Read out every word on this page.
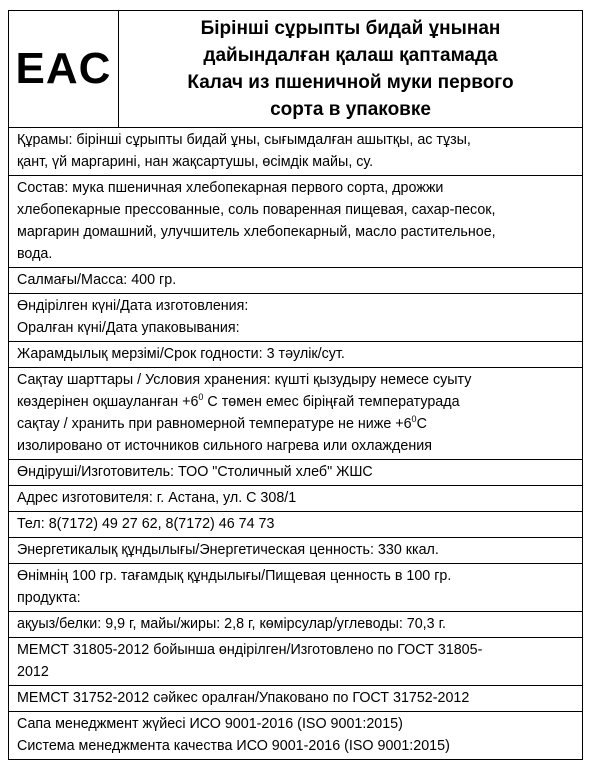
EAC	
Бірінші сұрыпты бидай ұнынан
дайындалған қалаш қаптамада
Калач из пшеничной муки первого
сорта в упаковке

Құрамы: бірінші сұрыпты бидай ұны, сығымдалған ашытқы, ас тұзы,
қант, үй маргарині, нан жақсартушы, өсімдік майы, су.

Состав: мука пшеничная хлебопекарная первого сорта, дрожжи
хлебопекарные прессованные, соль поваренная пищевая, сахар-песок,
маргарин домашний, улучшитель хлебопекарный, масло растительное,
вода.

Салмағы/Масса: 400 гр.

Өндірілген күні/Дата изготовления:
Оралған күні/Дата упаковывания:

Жарамдылық мерзімі/Срок годности: 3 тәулік/сут.

Сақтау шарттары / Условия хранения: күшті қызудыру немесе суыту
көздерінен оқшауланған $+6^0$ С төмен емес біріңғай температурада
сақтау / хранить при равномерной температуре не ниже $+6^0С$
изолировано от источников сильного нагрева или охлаждения

Өндіруші/Изготовитель: ТОО "Столичный хлеб" ЖШС

Адрес изготовителя: г. Астана, ул. С 308/1

Тел: 8(7172) 49 27 62, 8(7172) 46 74 73

Энергетикалық құндылығы/Энергетическая ценность: 330 ккал.

Өнімнің 100 гр. тағамдық құндылығы/Пищевая ценность в 100 гр.
продукта:

ақуыз/белки: 9,9 г, майы/жиры: 2,8 г, көмірсулар/углеводы: 70,3 г.

МЕМСТ 31805-2012 бойынша өндірілген/Изготовлено по ГОСТ 31805-
2012

МЕМСТ 31752-2012 сәйкес оралған/Упаковано по ГОСТ 31752-2012

Сапа менеджмент жүйесі ИСО 9001-2016 (ISO 9001:2015)
Система менеджмента качества ИСО 9001-2016 (ISO 9001:2015)
